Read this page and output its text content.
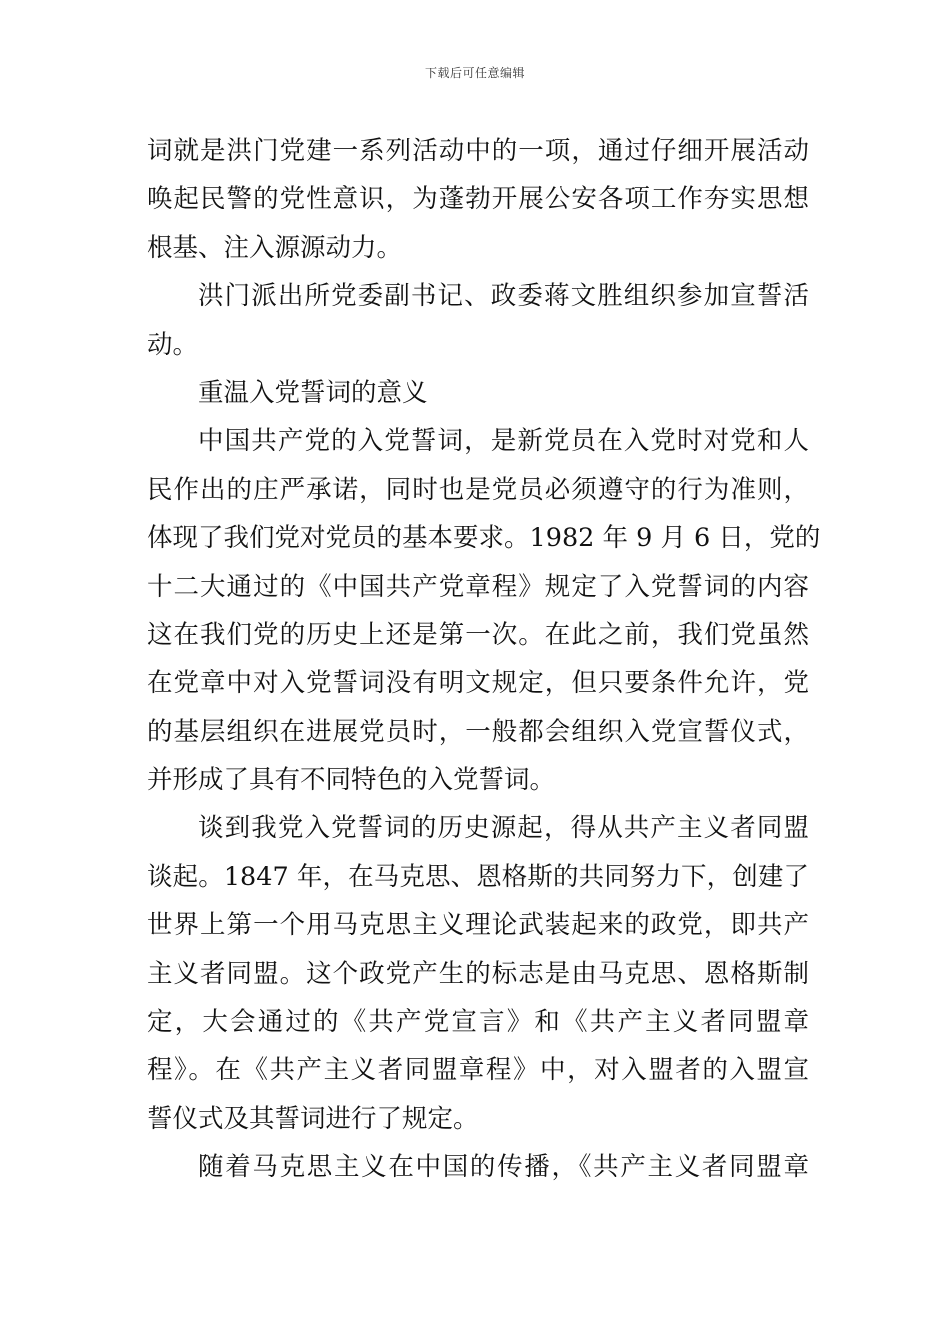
下载后可任意编辑
词就是洪门党建一系列活动中的一项，通过仔细开展活动
唤起民警的党性意识，为蓬勃开展公安各项工作夯实思想
根基、注入源源动力。
洪门派出所党委副书记、政委蒋文胜组织参加宣誓活
动。
重温入党誓词的意义
中国共产党的入党誓词，是新党员在入党时对党和人
民作出的庄严承诺，同时也是党员必须遵守的行为准则，
体现了我们党对党员的基本要求。1982 年 9 月 6 日，党的
十二大通过的《中国共产党章程》规定了入党誓词的内容
这在我们党的历史上还是第一次。在此之前，我们党虽然
在党章中对入党誓词没有明文规定，但只要条件允许，党
的基层组织在进展党员时，一般都会组织入党宣誓仪式，
并形成了具有不同特色的入党誓词。
谈到我党入党誓词的历史源起，得从共产主义者同盟
谈起。1847 年，在马克思、恩格斯的共同努力下，创建了
世界上第一个用马克思主义理论武装起来的政党，即共产
主义者同盟。这个政党产生的标志是由马克思、恩格斯制
定，大会通过的《共产党宣言》和《共产主义者同盟章
程》。在《共产主义者同盟章程》中，对入盟者的入盟宣
誓仪式及其誓词进行了规定。
随着马克思主义在中国的传播，《共产主义者同盟章
